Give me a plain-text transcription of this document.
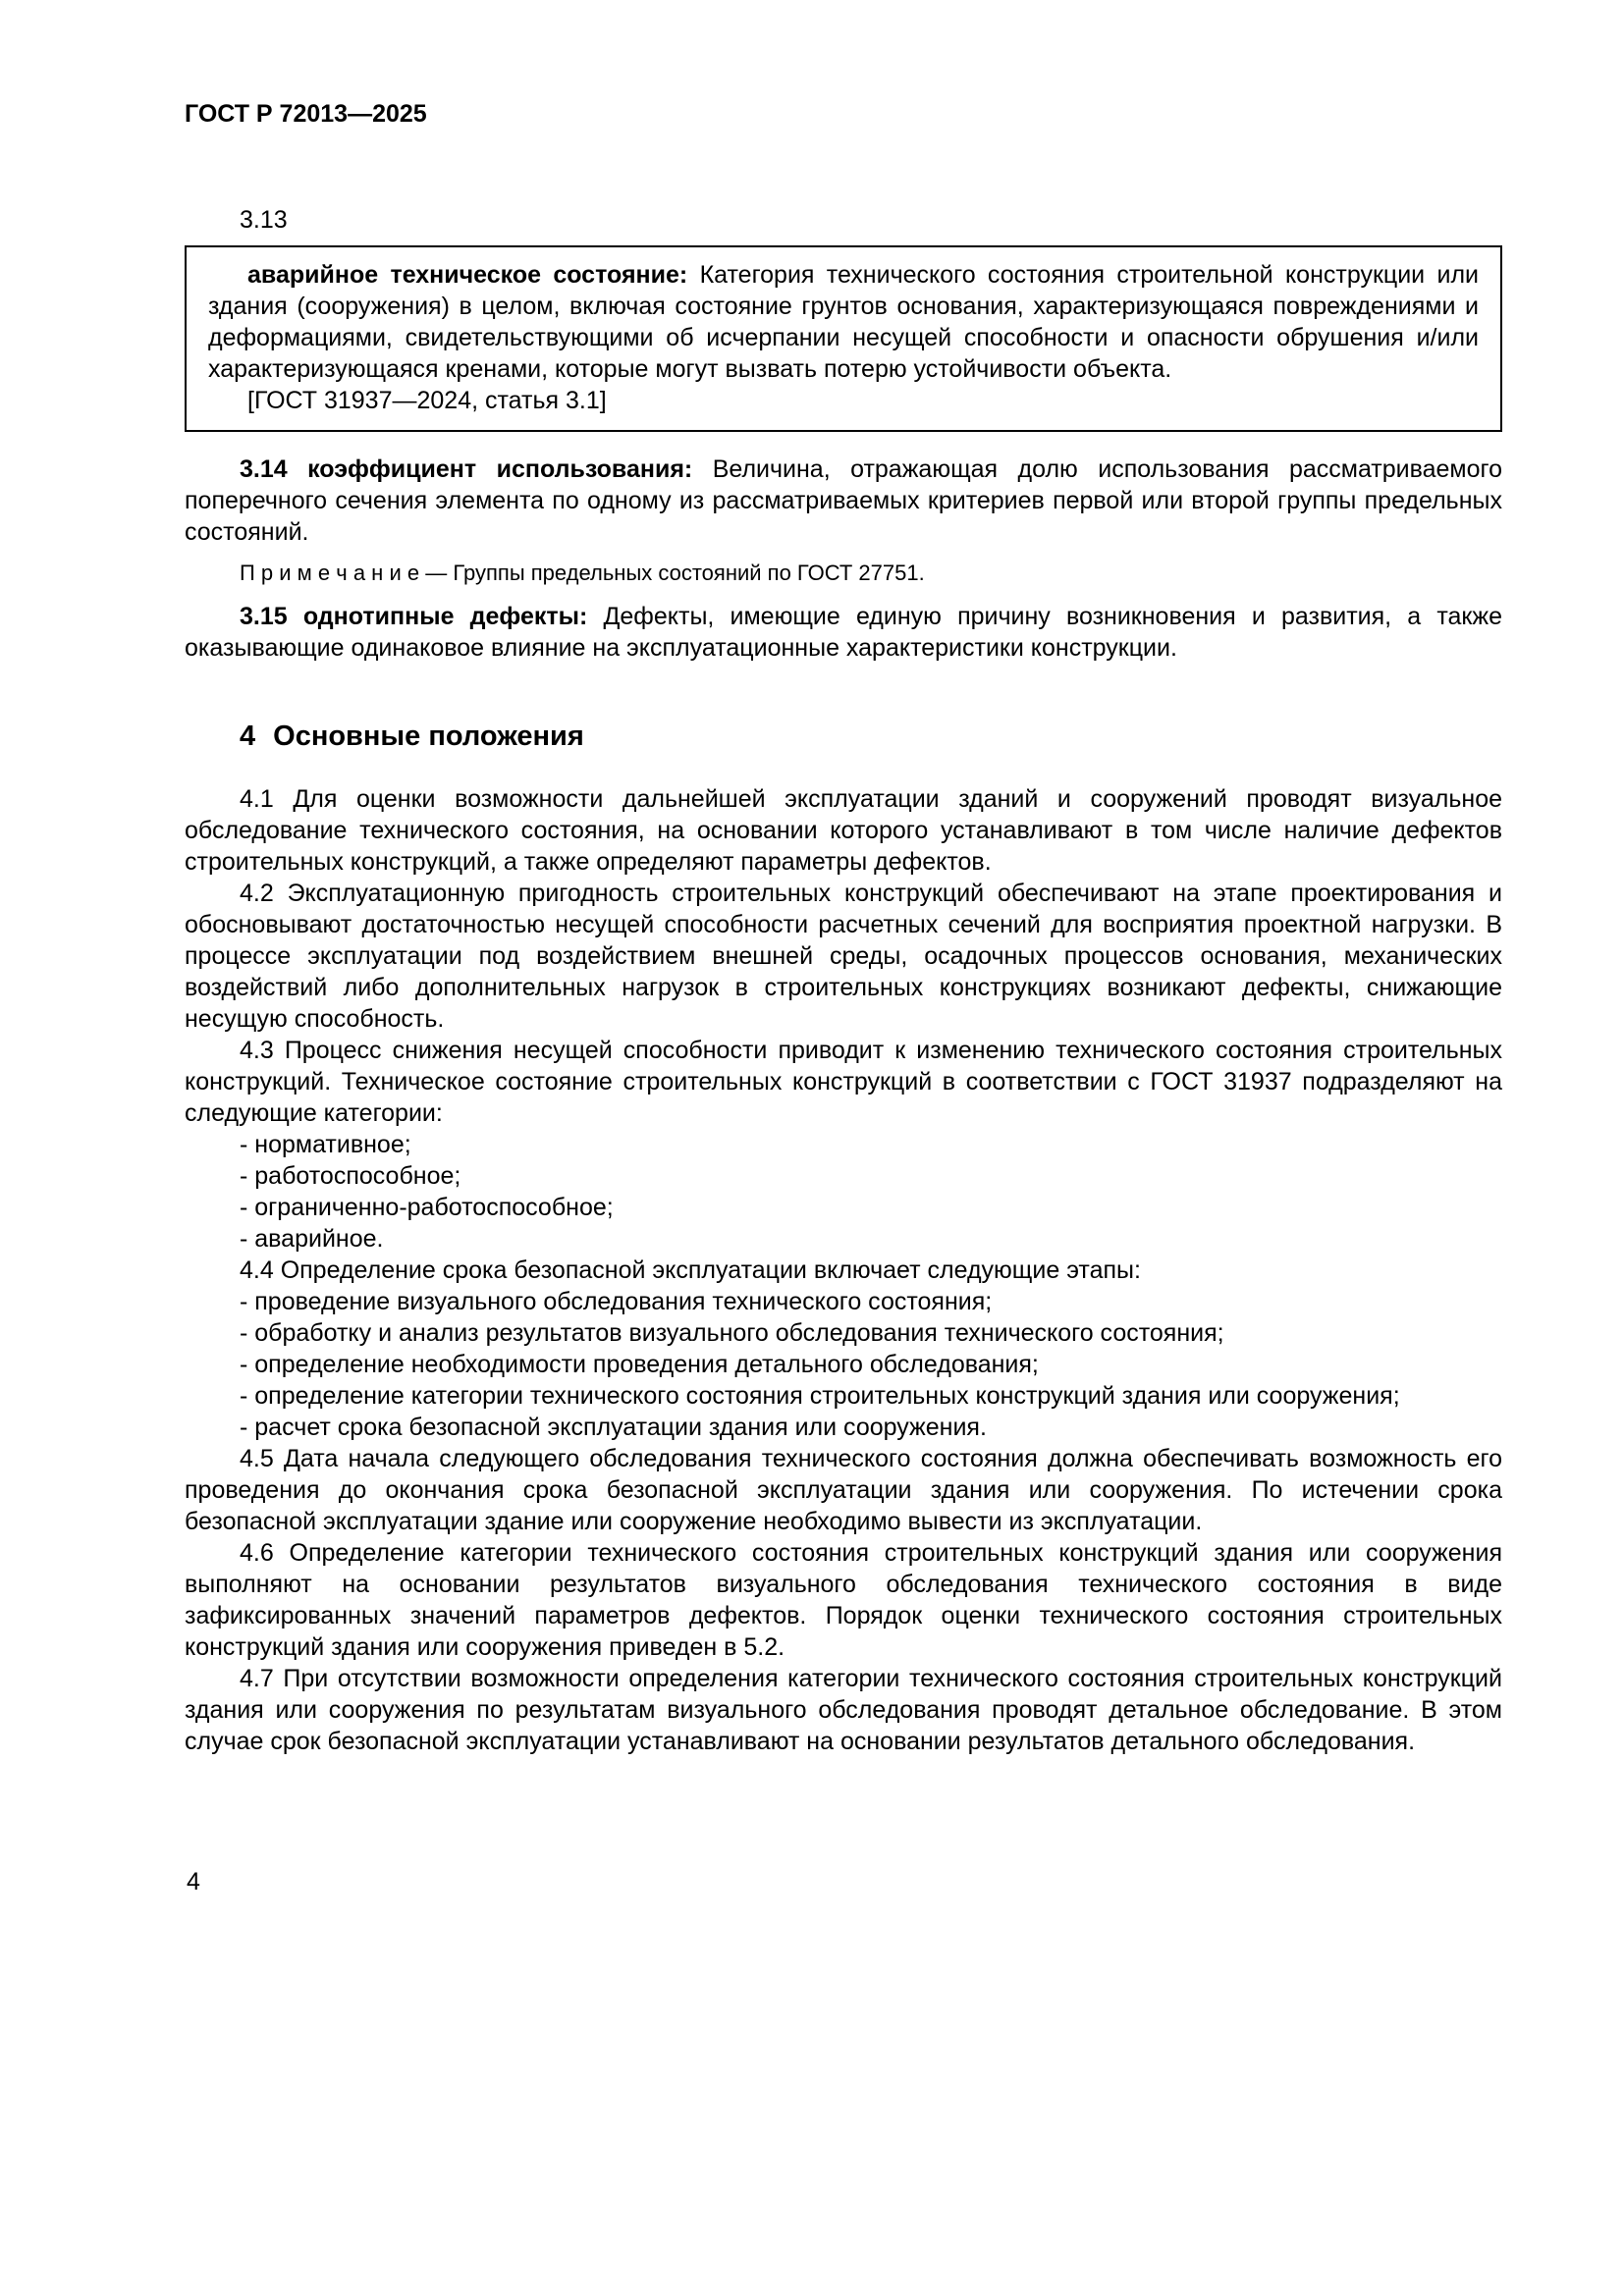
ГОСТ Р 72013—2025

3.13

аварийное техническое состояние: Категория технического состояния строительной конструкции или здания (сооружения) в целом, включая состояние грунтов основания, характеризующаяся повреждениями и деформациями, свидетельствующими об исчерпании несущей способности и опасности обрушения и/или характеризующаяся кренами, которые могут вызвать потерю устойчивости объекта.

[ГОСТ 31937—2024, статья 3.1]

3.14 коэффициент использования: Величина, отражающая долю использования рассматриваемого поперечного сечения элемента по одному из рассматриваемых критериев первой или второй группы предельных состояний.

П р и м е ч а н и е — Группы предельных состояний по ГОСТ 27751.

3.15 однотипные дефекты: Дефекты, имеющие единую причину возникновения и развития, а также оказывающие одинаковое влияние на эксплуатационные характеристики конструкции.

4 Основные положения

4.1 Для оценки возможности дальнейшей эксплуатации зданий и сооружений проводят визуальное обследование технического состояния, на основании которого устанавливают в том числе наличие дефектов строительных конструкций, а также определяют параметры дефектов.

4.2 Эксплуатационную пригодность строительных конструкций обеспечивают на этапе проектирования и обосновывают достаточностью несущей способности расчетных сечений для восприятия проектной нагрузки. В процессе эксплуатации под воздействием внешней среды, осадочных процессов основания, механических воздействий либо дополнительных нагрузок в строительных конструкциях возникают дефекты, снижающие несущую способность.

4.3 Процесс снижения несущей способности приводит к изменению технического состояния строительных конструкций. Техническое состояние строительных конструкций в соответствии с ГОСТ 31937 подразделяют на следующие категории:

- нормативное;

- работоспособное;

- ограниченно-работоспособное;

- аварийное.

4.4 Определение срока безопасной эксплуатации включает следующие этапы:

- проведение визуального обследования технического состояния;

- обработку и анализ результатов визуального обследования технического состояния;

- определение необходимости проведения детального обследования;

- определение категории технического состояния строительных конструкций здания или сооружения;

- расчет срока безопасной эксплуатации здания или сооружения.

4.5 Дата начала следующего обследования технического состояния должна обеспечивать возможность его проведения до окончания срока безопасной эксплуатации здания или сооружения. По истечении срока безопасной эксплуатации здание или сооружение необходимо вывести из эксплуатации.

4.6 Определение категории технического состояния строительных конструкций здания или сооружения выполняют на основании результатов визуального обследования технического состояния в виде зафиксированных значений параметров дефектов. Порядок оценки технического состояния строительных конструкций здания или сооружения приведен в 5.2.

4.7 При отсутствии возможности определения категории технического состояния строительных конструкций здания или сооружения по результатам визуального обследования проводят детальное обследование. В этом случае срок безопасной эксплуатации устанавливают на основании результатов детального обследования.

4
